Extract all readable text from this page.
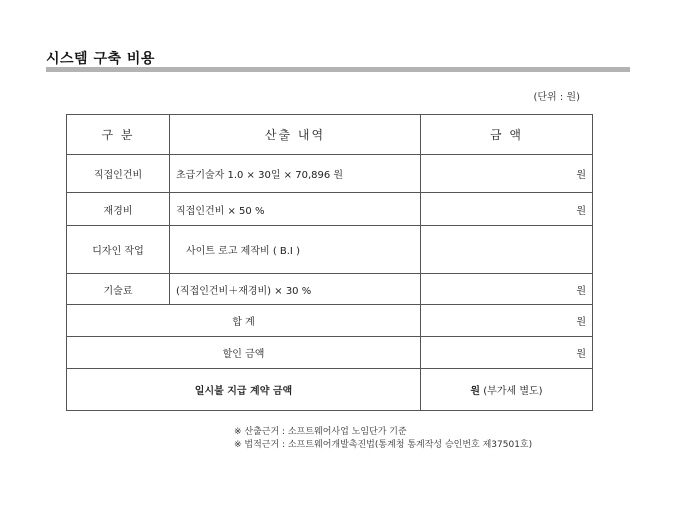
시스템 구축 비용
(단위 : 원)
구 분	산출 내역	금 액
직접인건비	초급기술자 1.0 × 30일 × 70,896 원	원
재경비	직접인건비 × 50 %	원
디자인 작업	사이트 로고 제작비 ( B.I )	
기술료	(직접인건비＋재경비) × 30 %	원
합 계		원
할인 금액		원
일시불 지급 계약 금액		원 (부가세 별도)
※ 산출근거 : 소프트웨어사업 노임단가 기준
※ 법적근거 : 소프트웨어개발촉진법(통계청 통계작성 승인번호 제37501호)
